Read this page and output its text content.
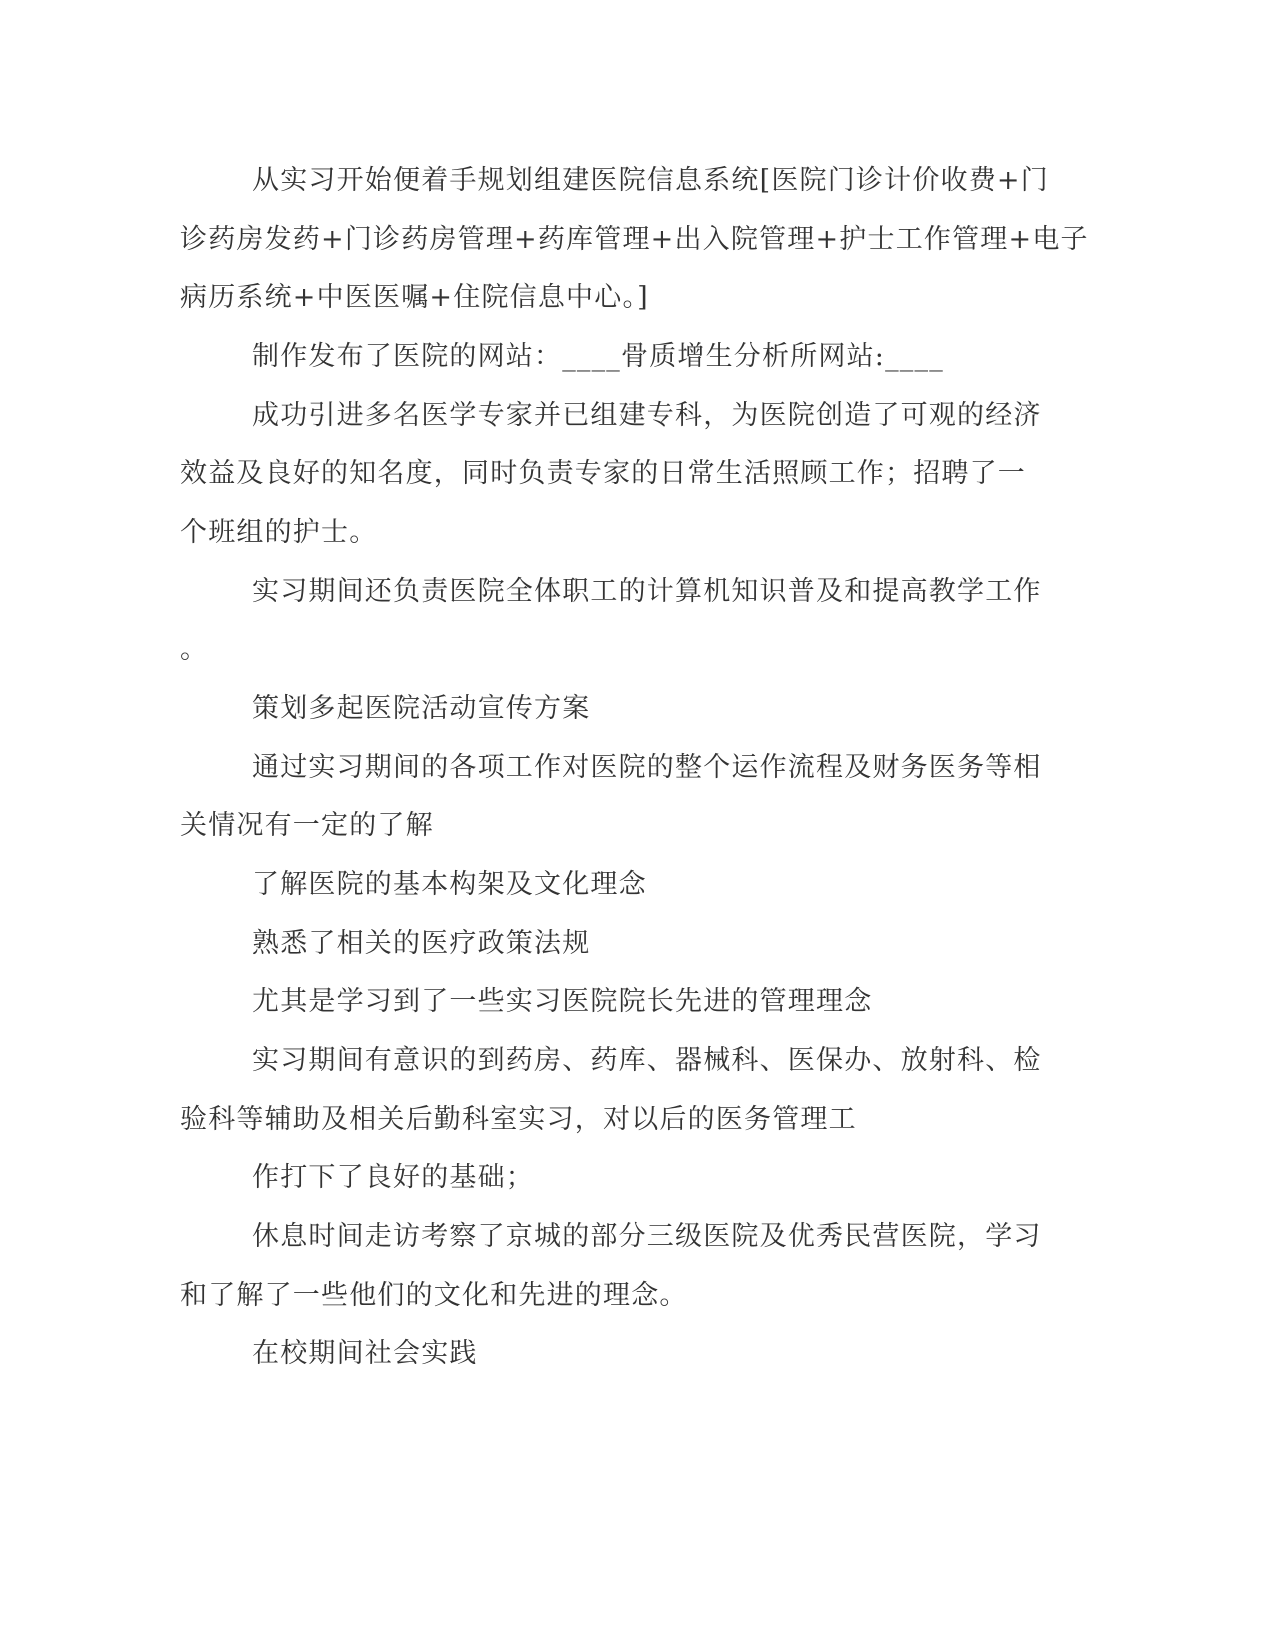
从实习开始便着手规划组建医院信息系统[医院门诊计价收费+门
诊药房发药+门诊药房管理+药库管理+出入院管理+护士工作管理+电子
病历系统+中医医嘱+住院信息中心。]
制作发布了医院的网站：____骨质增生分析所网站:____
成功引进多名医学专家并已组建专科，为医院创造了可观的经济
效益及良好的知名度，同时负责专家的日常生活照顾工作；招聘了一
个班组的护士。
实习期间还负责医院全体职工的计算机知识普及和提高教学工作
。
策划多起医院活动宣传方案
通过实习期间的各项工作对医院的整个运作流程及财务医务等相
关情况有一定的了解
了解医院的基本构架及文化理念
熟悉了相关的医疗政策法规
尤其是学习到了一些实习医院院长先进的管理理念
实习期间有意识的到药房、药库、器械科、医保办、放射科、检
验科等辅助及相关后勤科室实习，对以后的医务管理工
作打下了良好的基础；
休息时间走访考察了京城的部分三级医院及优秀民营医院，学习
和了解了一些他们的文化和先进的理念。
在校期间社会实践
